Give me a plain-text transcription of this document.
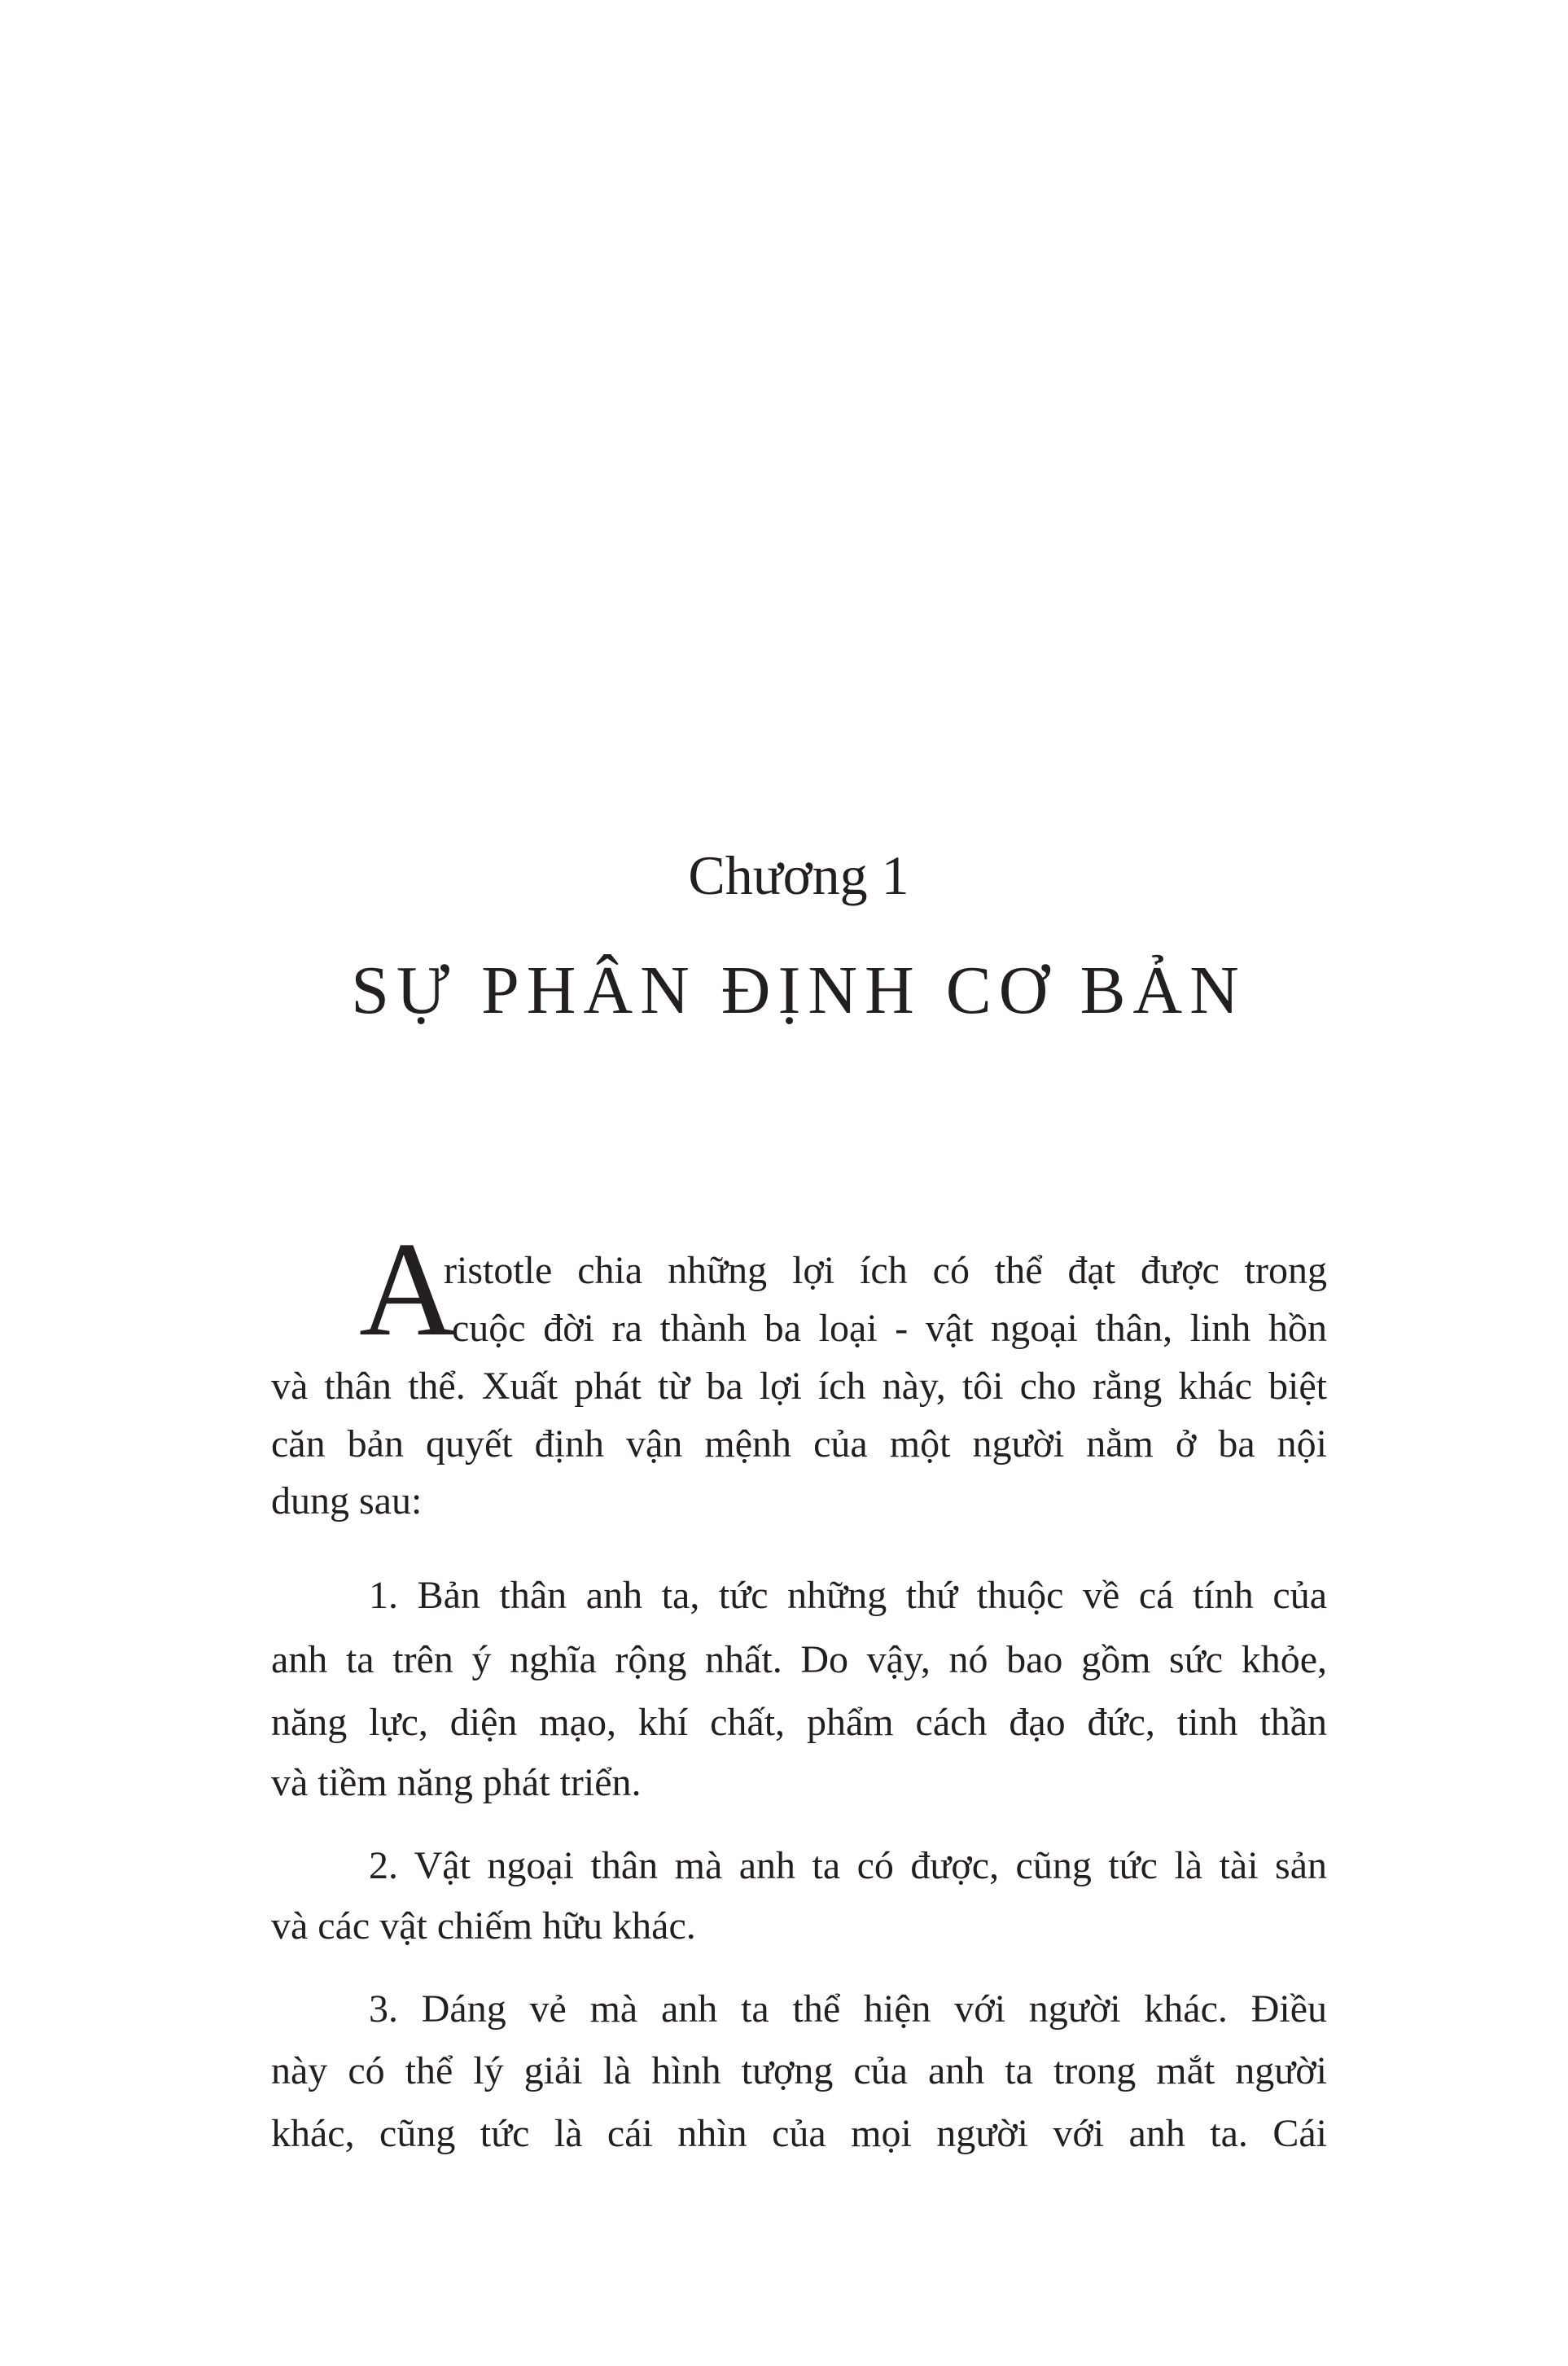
Chương 1
SỰ PHÂN ĐỊNH CƠ BẢN
A
ristotle chia những lợi ích có thể đạt được trong
cuộc đời ra thành ba loại - vật ngoại thân, linh hồn
và thân thể. Xuất phát từ ba lợi ích này, tôi cho rằng khác biệt
căn bản quyết định vận mệnh của một người nằm ở ba nội
dung sau:
1. Bản thân anh ta, tức những thứ thuộc về cá tính của
anh ta trên ý nghĩa rộng nhất. Do vậy, nó bao gồm sức khỏe,
năng lực, diện mạo, khí chất, phẩm cách đạo đức, tinh thần
và tiềm năng phát triển.
2. Vật ngoại thân mà anh ta có được, cũng tức là tài sản
và các vật chiếm hữu khác.
3. Dáng vẻ mà anh ta thể hiện với người khác. Điều
này có thể lý giải là hình tượng của anh ta trong mắt người
khác, cũng tức là cái nhìn của mọi người với anh ta. Cái
